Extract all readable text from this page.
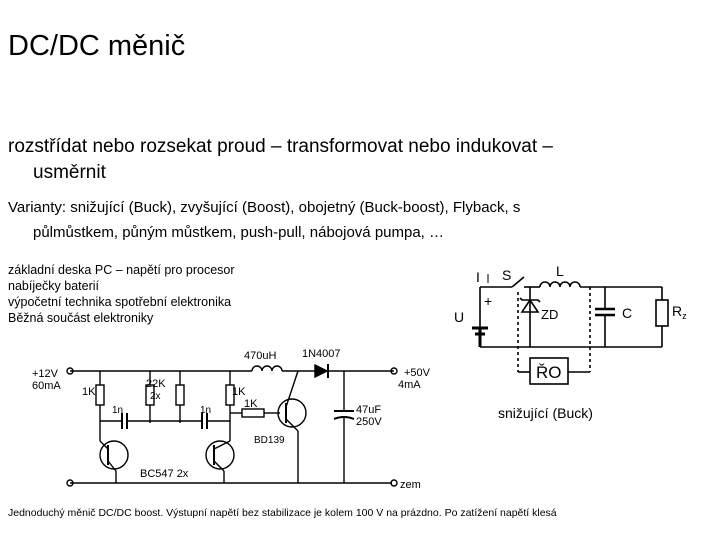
DC/DC měnič
rozstřídat nebo rozsekat proud – transformovat nebo indukovat –
usměrnit
Varianty: snižující (Buck), zvyšující (Boost), obojetný (Buck-boost), Flyback, s
půlmůstkem, půným můstkem, push-pull, nábojová pumpa, …
základní deska PC – napětí pro procesor
nabíječky baterií
výpočetní technika spotřební elektronika
Běžná součást elektroniky
I S	L
U
+
ZD	C	$R_z$
ŘO
+12V
60mA 1K
22K
2x	1K
1K
1n	1n
470uH 1N4007
BC547 2x
BD139
47uF
250V
+50V
4mA
zem
snižující (Buck)
Jednoduchý měnič DC/DC boost. Výstupní napětí bez stabilizace je kolem 100 V na prázdno. Po zatížení napětí klesá
